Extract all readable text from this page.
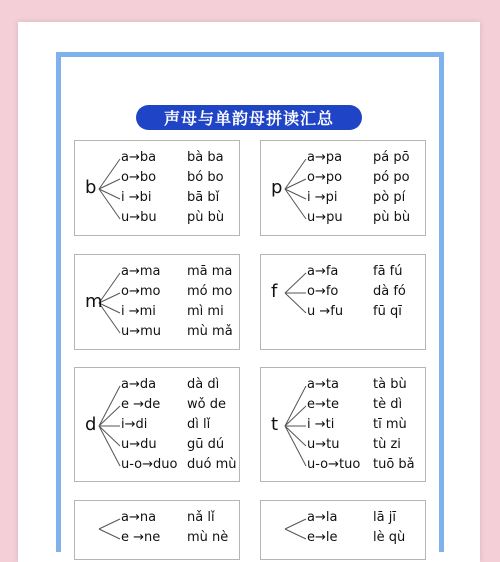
声母与单韵母拼读汇总
b
a→ba bà ba
o→bo bó bo
i →bi	bā bǐ
u→bu pù bù
p
a→pa pá pō
o→po pó po
i →pi	pò pí
u→pu pù bù
m
a→ma mā ma
o→mo mó mo
i →mi mì mi
u→mu mù mǎ
f
a→fa	fā fú
o→fo	dà fó
u →fu fū qī
d
a→da dà dì
e →de wǒ de
i→di	dì lǐ
u→du gū dú
u-o→duo duó mù
t
a→ta	tà bù
e→te	tè dì
i →ti	tī mù
u→tu	tù zi
u-o→tuo tuō bǎ
a→na nǎ lǐ
e →ne mù nè
a→la	lā jī
e→le	lè qù
